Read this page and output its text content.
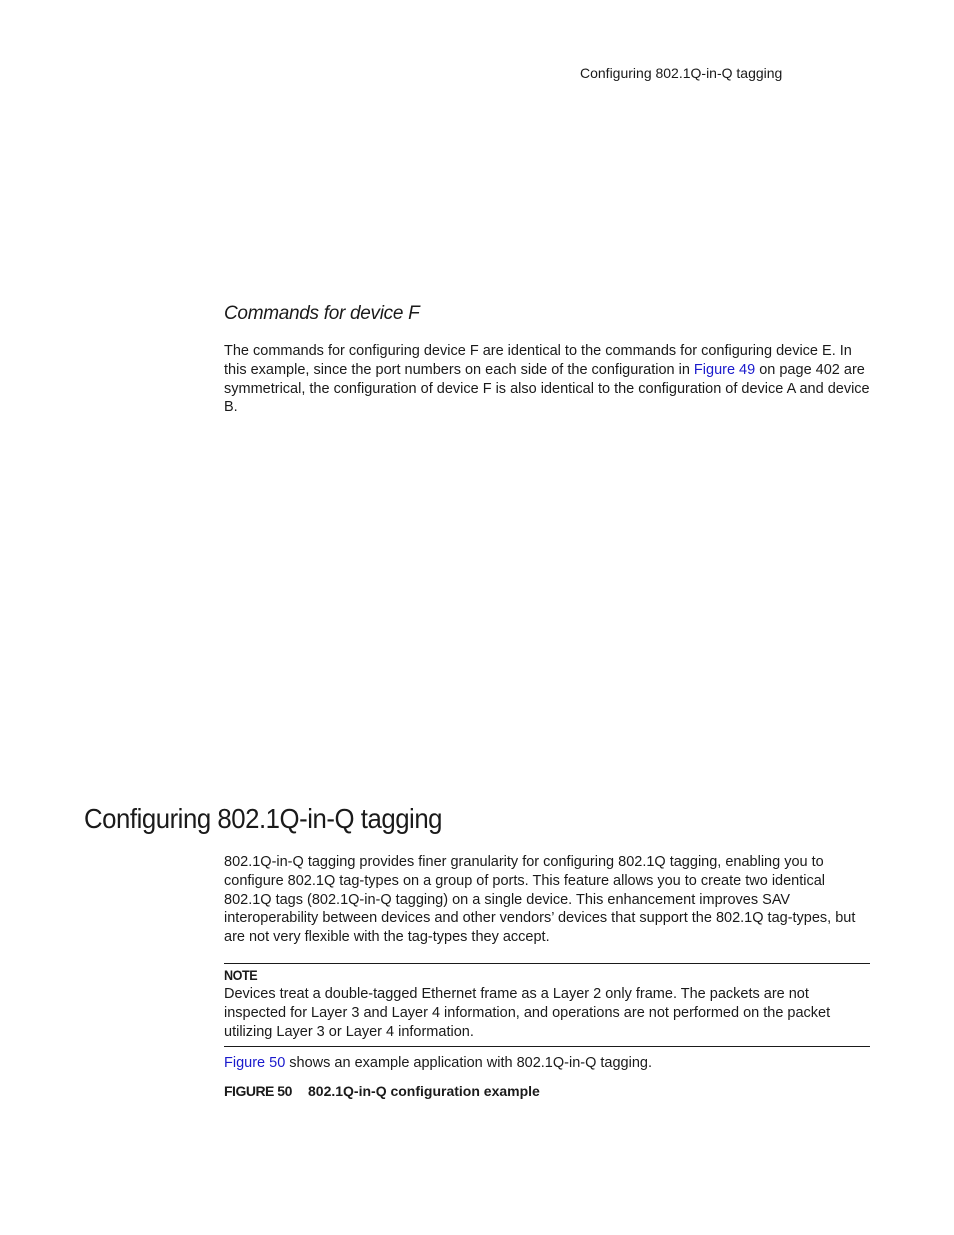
Configuring 802.1Q-in-Q tagging
Commands for device F

The commands for configuring device F are identical to the commands for configuring device E. In this example, since the port numbers on each side of the configuration in Figure 49 on page 402 are symmetrical, the configuration of device F is also identical to the configuration of device A and device B.

Configuring 802.1Q-in-Q tagging

802.1Q-in-Q tagging provides finer granularity for configuring 802.1Q tagging, enabling you to configure 802.1Q tag-types on a group of ports. This feature allows you to create two identical 802.1Q tags (802.1Q-in-Q tagging) on a single device. This enhancement improves SAV interoperability between devices and other vendors’ devices that support the 802.1Q tag-types, but are not very flexible with the tag-types they accept.

NOTE

Devices treat a double-tagged Ethernet frame as a Layer 2 only frame. The packets are not inspected for Layer 3 and Layer 4 information, and operations are not performed on the packet utilizing Layer 3 or Layer 4 information.

Figure 50 shows an example application with 802.1Q-in-Q tagging.

FIGURE 50 802.1Q-in-Q configuration example
